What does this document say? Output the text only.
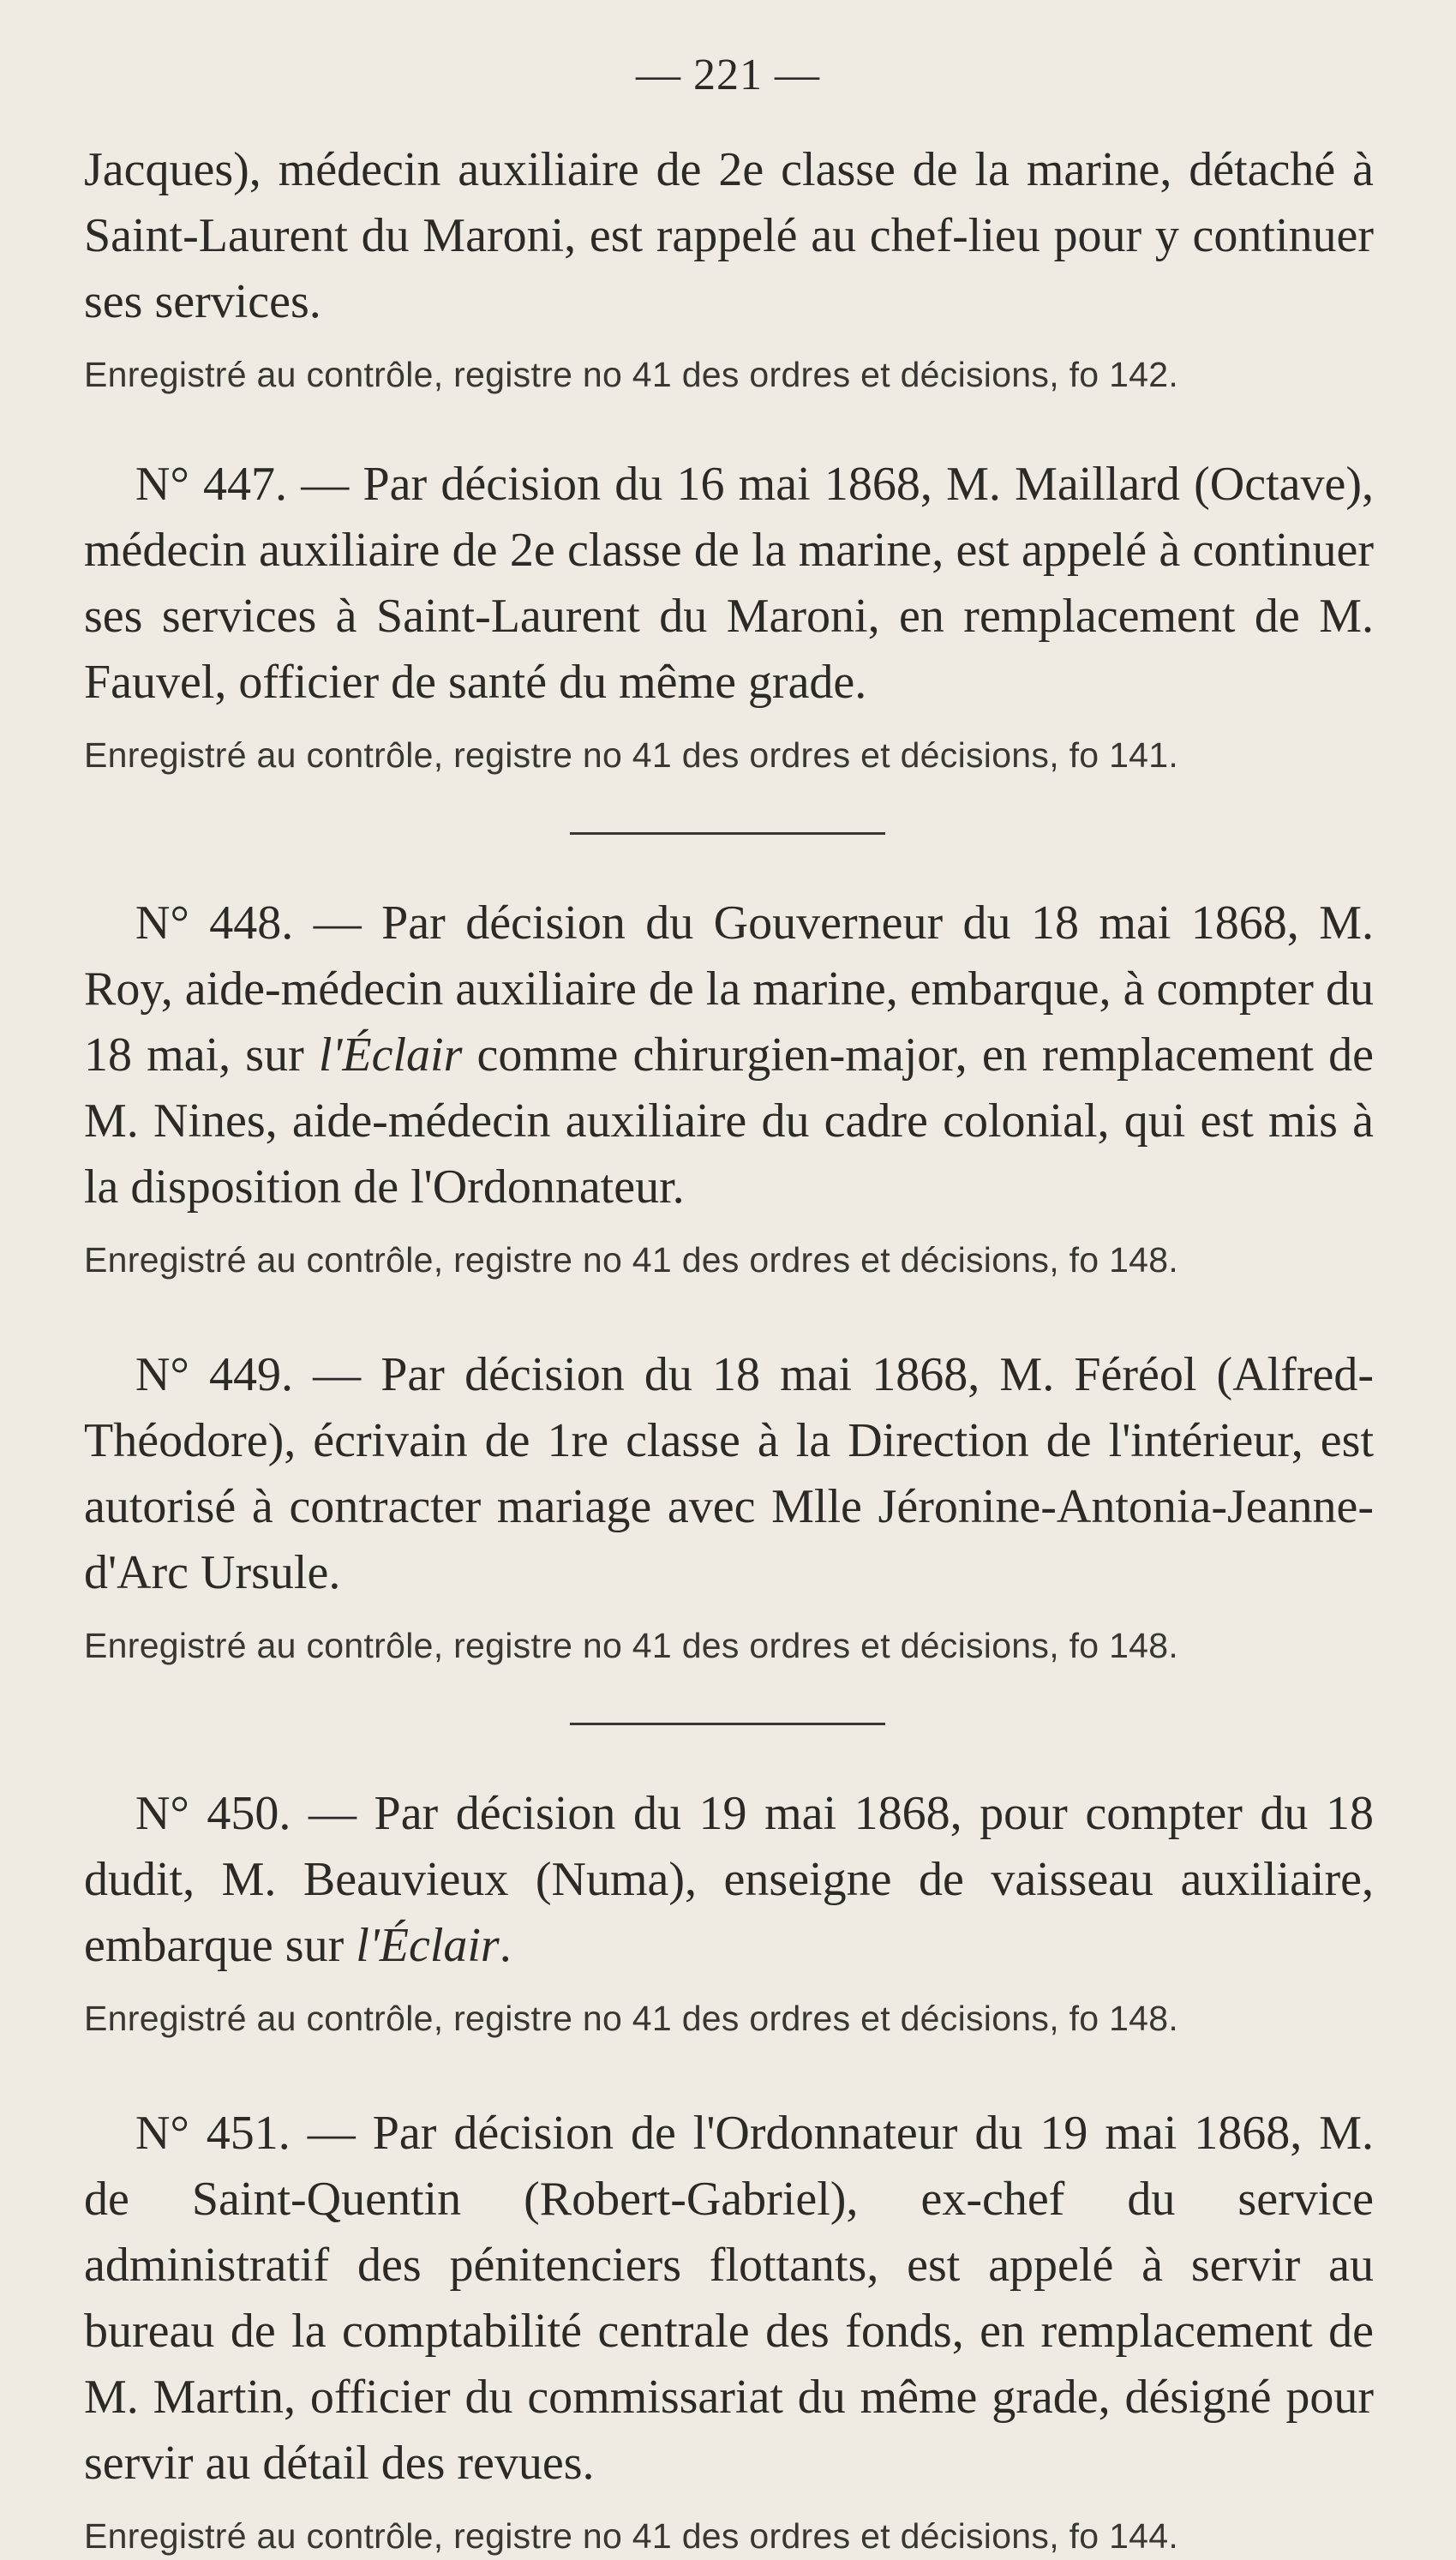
— 221 —

Jacques), médecin auxiliaire de 2e classe de la marine, détaché à Saint-Laurent du Maroni, est rappelé au chef-lieu pour y continuer ses services.

Enregistré au contrôle, registre no 41 des ordres et décisions, fo 142.

N° 447. — Par décision du 16 mai 1868, M. Maillard (Octave), médecin auxiliaire de 2e classe de la marine, est appelé à continuer ses services à Saint-Laurent du Maroni, en remplacement de M. Fauvel, officier de santé du même grade.

Enregistré au contrôle, registre no 41 des ordres et décisions, fo 141.

N° 448. — Par décision du Gouverneur du 18 mai 1868, M. Roy, aide-médecin auxiliaire de la marine, embarque, à compter du 18 mai, sur l'Éclair comme chirurgien-major, en remplacement de M. Nines, aide-médecin auxiliaire du cadre colonial, qui est mis à la disposition de l'Ordonnateur.

Enregistré au contrôle, registre no 41 des ordres et décisions, fo 148.

N° 449. — Par décision du 18 mai 1868, M. Féréol (Alfred-Théodore), écrivain de 1re classe à la Direction de l'intérieur, est autorisé à contracter mariage avec Mlle Jéronine-Antonia-Jeanne-d'Arc Ursule.

Enregistré au contrôle, registre no 41 des ordres et décisions, fo 148.

N° 450. — Par décision du 19 mai 1868, pour compter du 18 dudit, M. Beauvieux (Numa), enseigne de vaisseau auxiliaire, embarque sur l'Éclair.

Enregistré au contrôle, registre no 41 des ordres et décisions, fo 148.

N° 451. — Par décision de l'Ordonnateur du 19 mai 1868, M. de Saint-Quentin (Robert-Gabriel), ex-chef du service administratif des pénitenciers flottants, est appelé à servir au bureau de la comptabilité centrale des fonds, en remplacement de M. Martin, officier du commissariat du même grade, désigné pour servir au détail des revues.

Enregistré au contrôle, registre no 41 des ordres et décisions, fo 144.
